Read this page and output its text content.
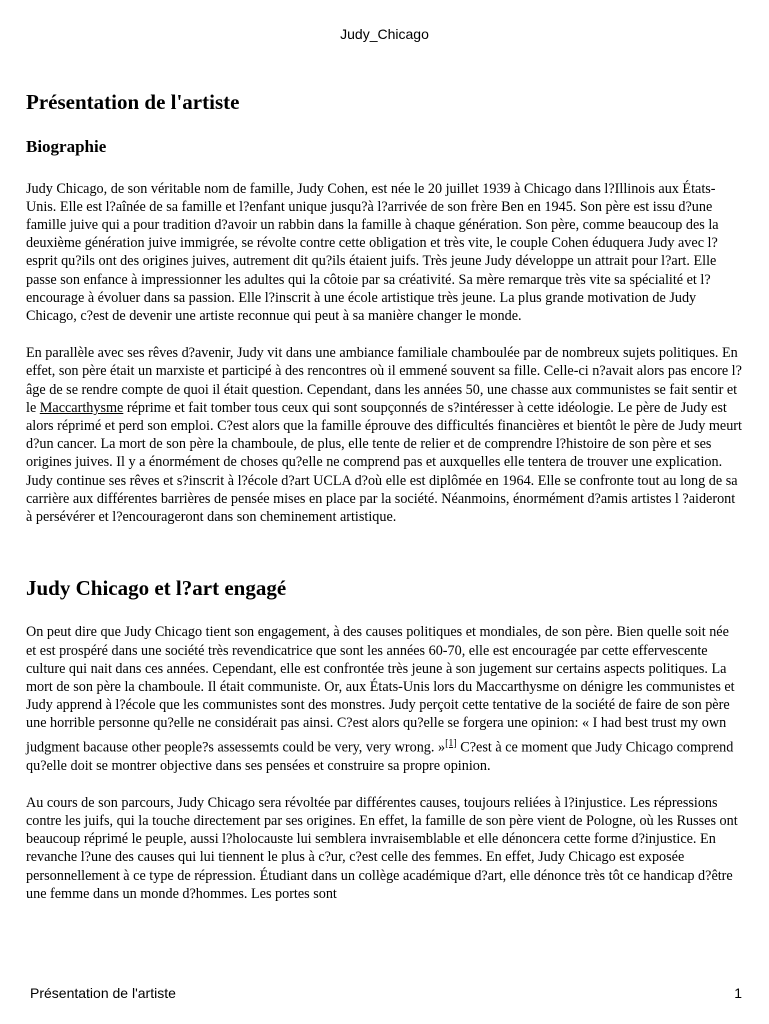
Judy_Chicago
Présentation de l'artiste
Biographie

Judy Chicago, de son véritable nom de famille, Judy Cohen, est née le 20 juillet 1939 à Chicago dans l?Illinois aux États-Unis. Elle est l?aînée de sa famille et l?enfant unique jusqu?à l?arrivée de son frère Ben en 1945. Son père est issu d?une famille juive qui a pour tradition d?avoir un rabbin dans la famille à chaque génération. Son père, comme beaucoup des la deuxième génération juive immigrée, se révolte contre cette obligation et très vite, le couple Cohen éduquera Judy avec l?esprit qu?ils ont des origines juives, autrement dit qu?ils étaient juifs. Très jeune Judy développe un attrait pour l?art. Elle passe son enfance à impressionner les adultes qui la côtoie par sa créativité. Sa mère remarque très vite sa spécialité et l?encourage à évoluer dans sa passion. Elle l?inscrit à une école artistique très jeune. La plus grande motivation de Judy Chicago, c?est de devenir une artiste reconnue qui peut à sa manière changer le monde.

En parallèle avec ses rêves d?avenir, Judy vit dans une ambiance familiale chamboulée par de nombreux sujets politiques. En effet, son père était un marxiste et participé à des rencontres où il emmené souvent sa fille. Celle-ci n?avait alors pas encore l?âge de se rendre compte de quoi il était question. Cependant, dans les années 50, une chasse aux communistes se fait sentir et le Maccarthysme réprime et fait tomber tous ceux qui sont soupçonnés de s?intéresser à cette idéologie. Le père de Judy est alors réprimé et perd son emploi. C?est alors que la famille éprouve des difficultés financières et bientôt le père de Judy meurt d?un cancer. La mort de son père la chamboule, de plus, elle tente de relier et de comprendre l?histoire de son père et ses origines juives. Il y a énormément de choses qu?elle ne comprend pas et auxquelles elle tentera de trouver une explication. Judy continue ses rêves et s?inscrit à l?école d?art UCLA d?où elle est diplômée en 1964. Elle se confronte tout au long de sa carrière aux différentes barrières de pensée mises en place par la société. Néanmoins, énormément d?amis artistes l ?aideront à persévérer et l?encourageront dans son cheminement artistique.

Judy Chicago et l?art engagé

On peut dire que Judy Chicago tient son engagement, à des causes politiques et mondiales, de son père. Bien quelle soit née et est prospéré dans une société très revendicatrice que sont les années 60-70, elle est encouragée par cette effervescente culture qui nait dans ces années. Cependant, elle est confrontée très jeune à son jugement sur certains aspects politiques. La mort de son père la chamboule. Il était communiste. Or, aux États-Unis lors du Maccarthysme on dénigre les communistes et Judy apprend à l?école que les communistes sont des monstres. Judy perçoit cette tentative de la société de faire de son père une horrible personne qu?elle ne considérait pas ainsi. C?est alors qu?elle se forgera une opinion: « I had best trust my own judgment bacause other people?s assessemts could be very, very wrong. »[1] C?est à ce moment que Judy Chicago comprend qu?elle doit se montrer objective dans ses pensées et construire sa propre opinion.

Au cours de son parcours, Judy Chicago sera révoltée par différentes causes, toujours reliées à l?injustice. Les répressions contre les juifs, qui la touche directement par ses origines. En effet, la famille de son père vient de Pologne, où les Russes ont beaucoup réprimé le peuple, aussi l?holocauste lui semblera invraisemblable et elle dénoncera cette forme d?injustice. En revanche l?une des causes qui lui tiennent le plus à c?ur, c?est celle des femmes. En effet, Judy Chicago est exposée personnellement à ce type de répression. Étudiant dans un collège académique d?art, elle dénonce très tôt ce handicap d?être une femme dans un monde d?hommes. Les portes sont

Présentation de l'artiste	1
